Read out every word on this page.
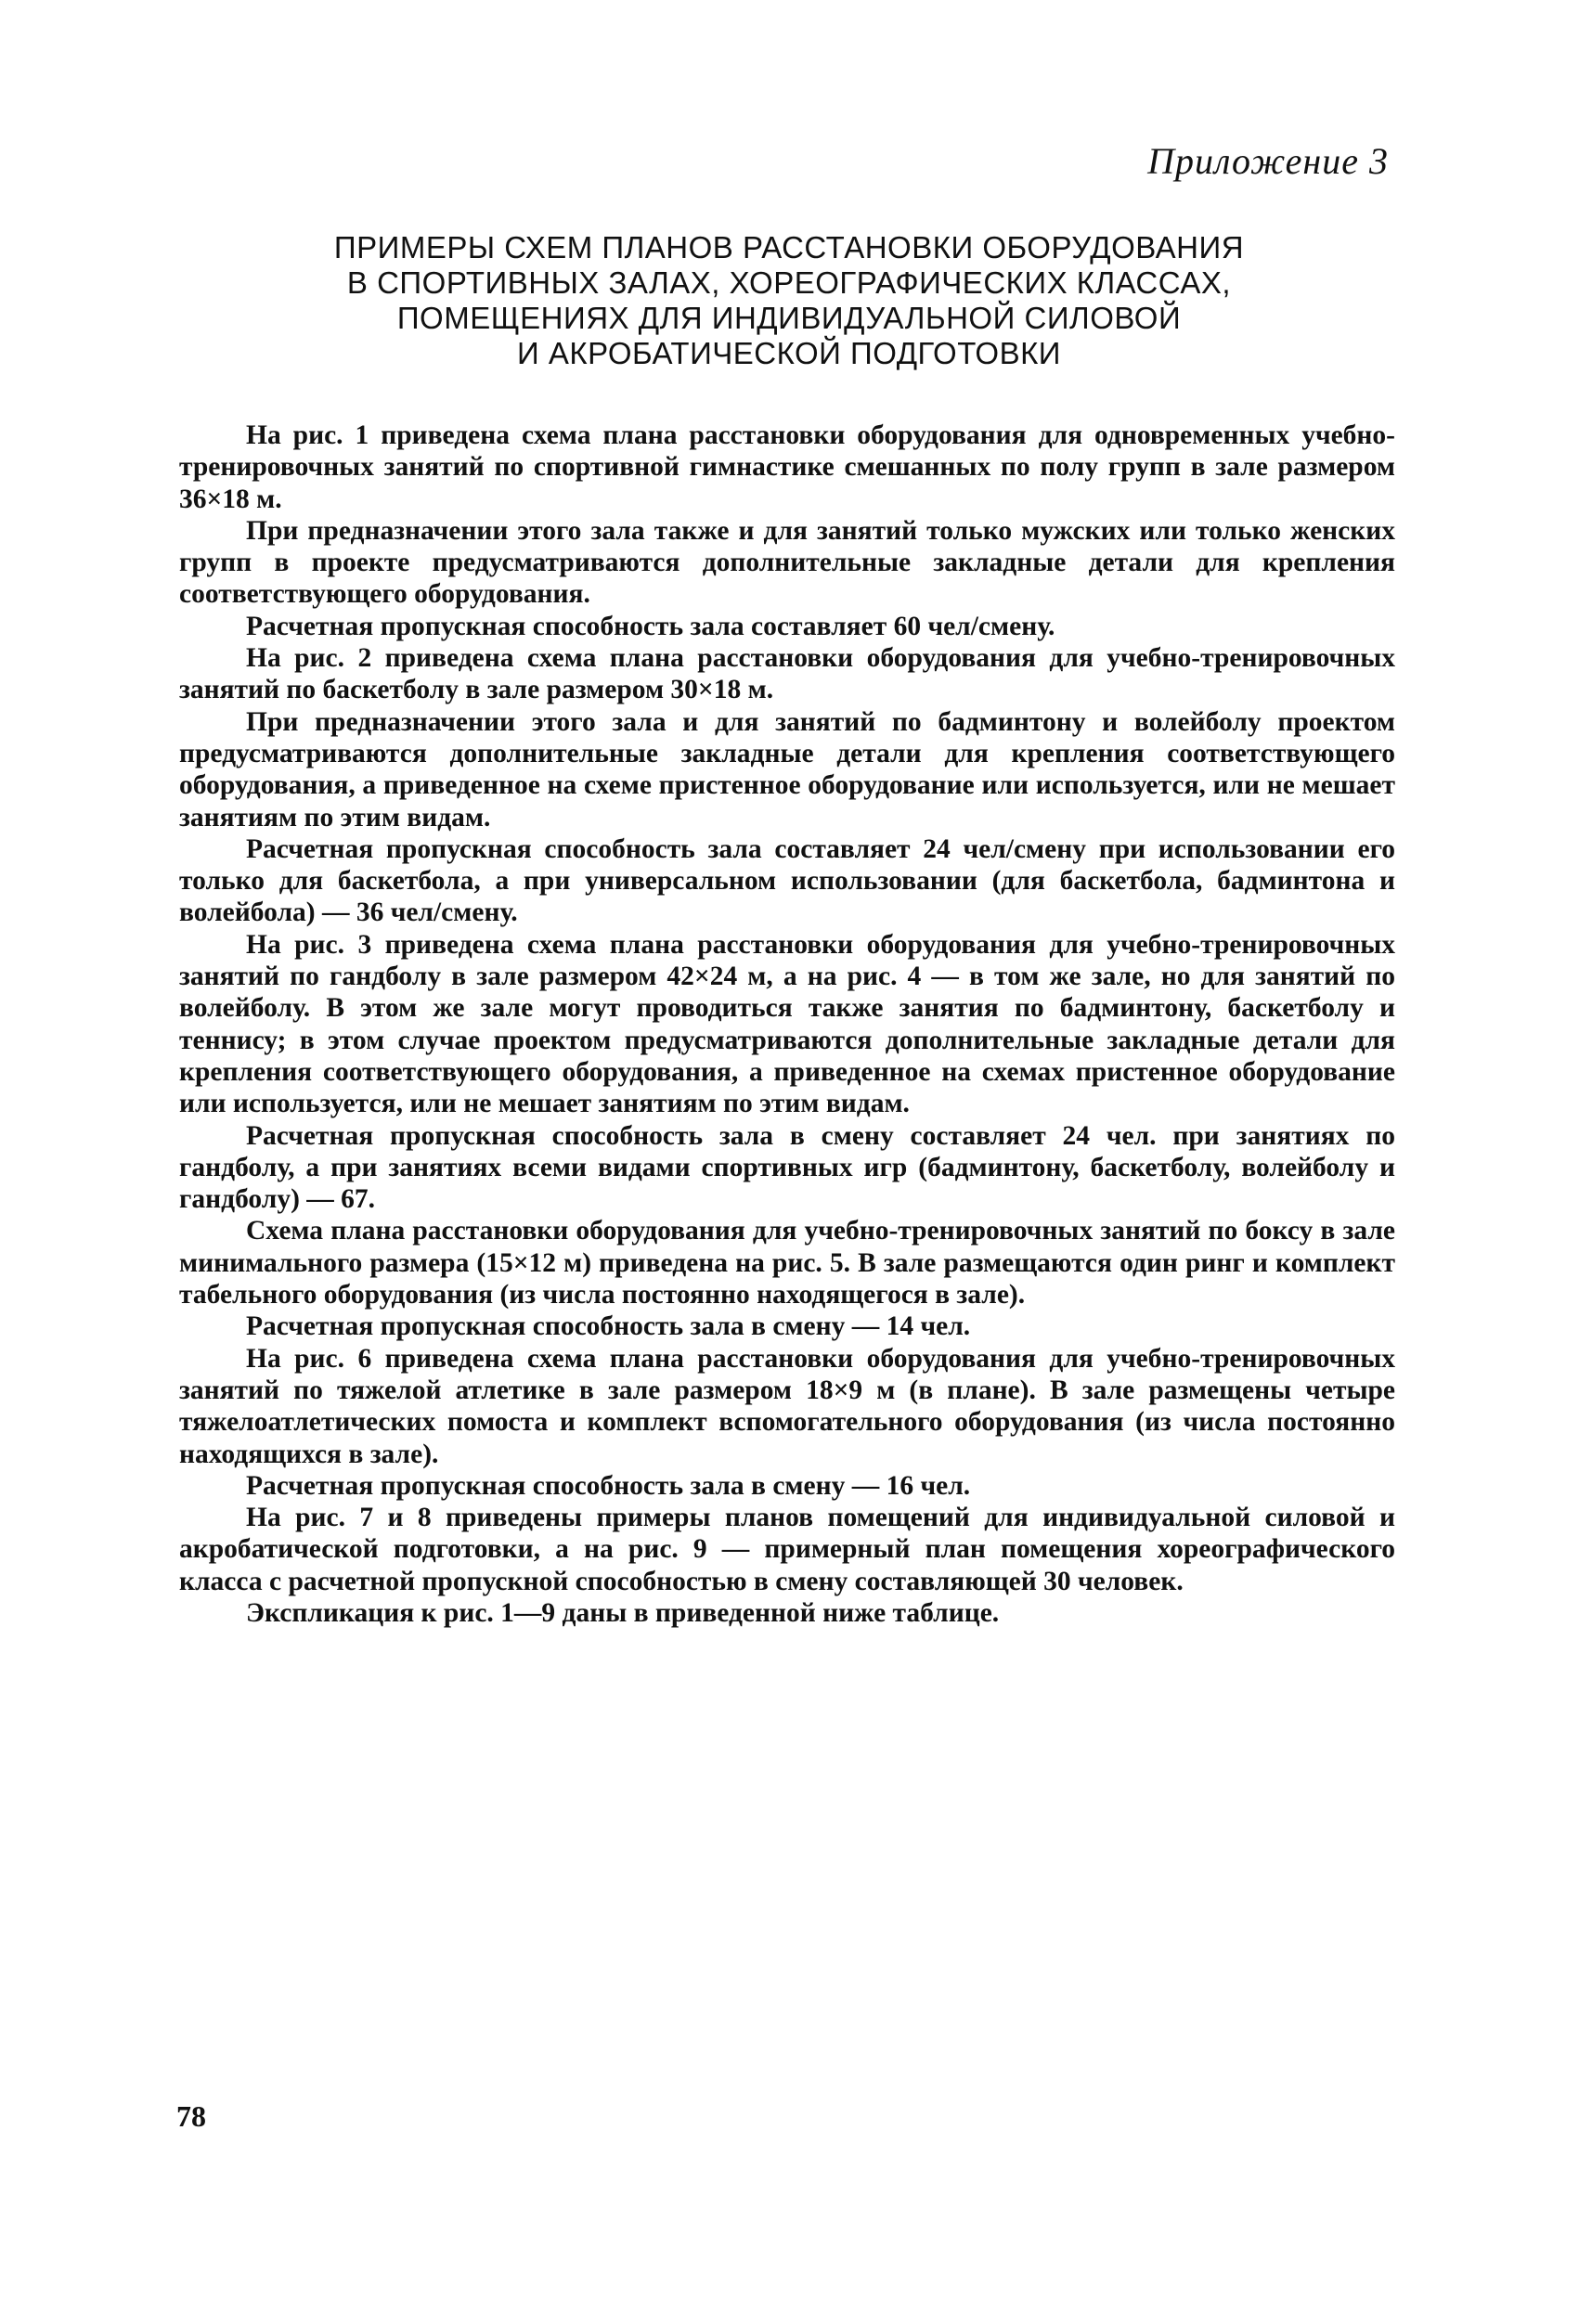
Приложение 3
ПРИМЕРЫ СХЕМ ПЛАНОВ РАССТАНОВКИ ОБОРУДОВАНИЯ
В СПОРТИВНЫХ ЗАЛАХ, ХОРЕОГРАФИЧЕСКИХ КЛАССАХ,
ПОМЕЩЕНИЯХ ДЛЯ ИНДИВИДУАЛЬНОЙ СИЛОВОЙ
И АКРОБАТИЧЕСКОЙ ПОДГОТОВКИ

На рис. 1 приведена схема плана расстановки оборудования для одновременных учебно-тренировочных занятий по спортивной гимнастике смешанных по полу групп в зале размером 36×18 м.

При предназначении этого зала также и для занятий только мужских или только женских групп в проекте предусматриваются дополнительные закладные детали для крепления соответствующего оборудования.

Расчетная пропускная способность зала составляет 60 чел/смену.

На рис. 2 приведена схема плана расстановки оборудования для учебно-тренировочных занятий по баскетболу в зале размером 30×18 м.

При предназначении этого зала и для занятий по бадминтону и волейболу проектом предусматриваются дополнительные закладные детали для крепления соответствующего оборудования, а приведенное на схеме пристенное оборудование или используется, или не мешает занятиям по этим видам.

Расчетная пропускная способность зала составляет 24 чел/смену при использовании его только для баскетбола, а при универсальном использовании (для баскетбола, бадминтона и волейбола) — 36 чел/смену.

На рис. 3 приведена схема плана расстановки оборудования для учебно-тренировочных занятий по гандболу в зале размером 42×24 м, а на рис. 4 — в том же зале, но для занятий по волейболу. В этом же зале могут проводиться также занятия по бадминтону, баскетболу и теннису; в этом случае проектом предусматриваются дополнительные закладные детали для крепления соответствующего оборудования, а приведенное на схемах пристенное оборудование или используется, или не мешает занятиям по этим видам.

Расчетная пропускная способность зала в смену составляет 24 чел. при занятиях по гандболу, а при занятиях всеми видами спортивных игр (бадминтону, баскетболу, волейболу и гандболу) — 67.

Схема плана расстановки оборудования для учебно-тренировочных занятий по боксу в зале минимального размера (15×12 м) приведена на рис. 5. В зале размещаются один ринг и комплект табельного оборудования (из числа постоянно находящегося в зале).

Расчетная пропускная способность зала в смену — 14 чел.

На рис. 6 приведена схема плана расстановки оборудования для учебно-тренировочных занятий по тяжелой атлетике в зале размером 18×9 м (в плане). В зале размещены четыре тяжелоатлетических помоста и комплект вспомогательного оборудования (из числа постоянно находящихся в зале).

Расчетная пропускная способность зала в смену — 16 чел.

На рис. 7 и 8 приведены примеры планов помещений для индивидуальной силовой и акробатической подготовки, а на рис. 9 — примерный план помещения хореографического класса с расчетной пропускной способностью в смену составляющей 30 человек.

Экспликация к рис. 1—9 даны в приведенной ниже таблице.

78
